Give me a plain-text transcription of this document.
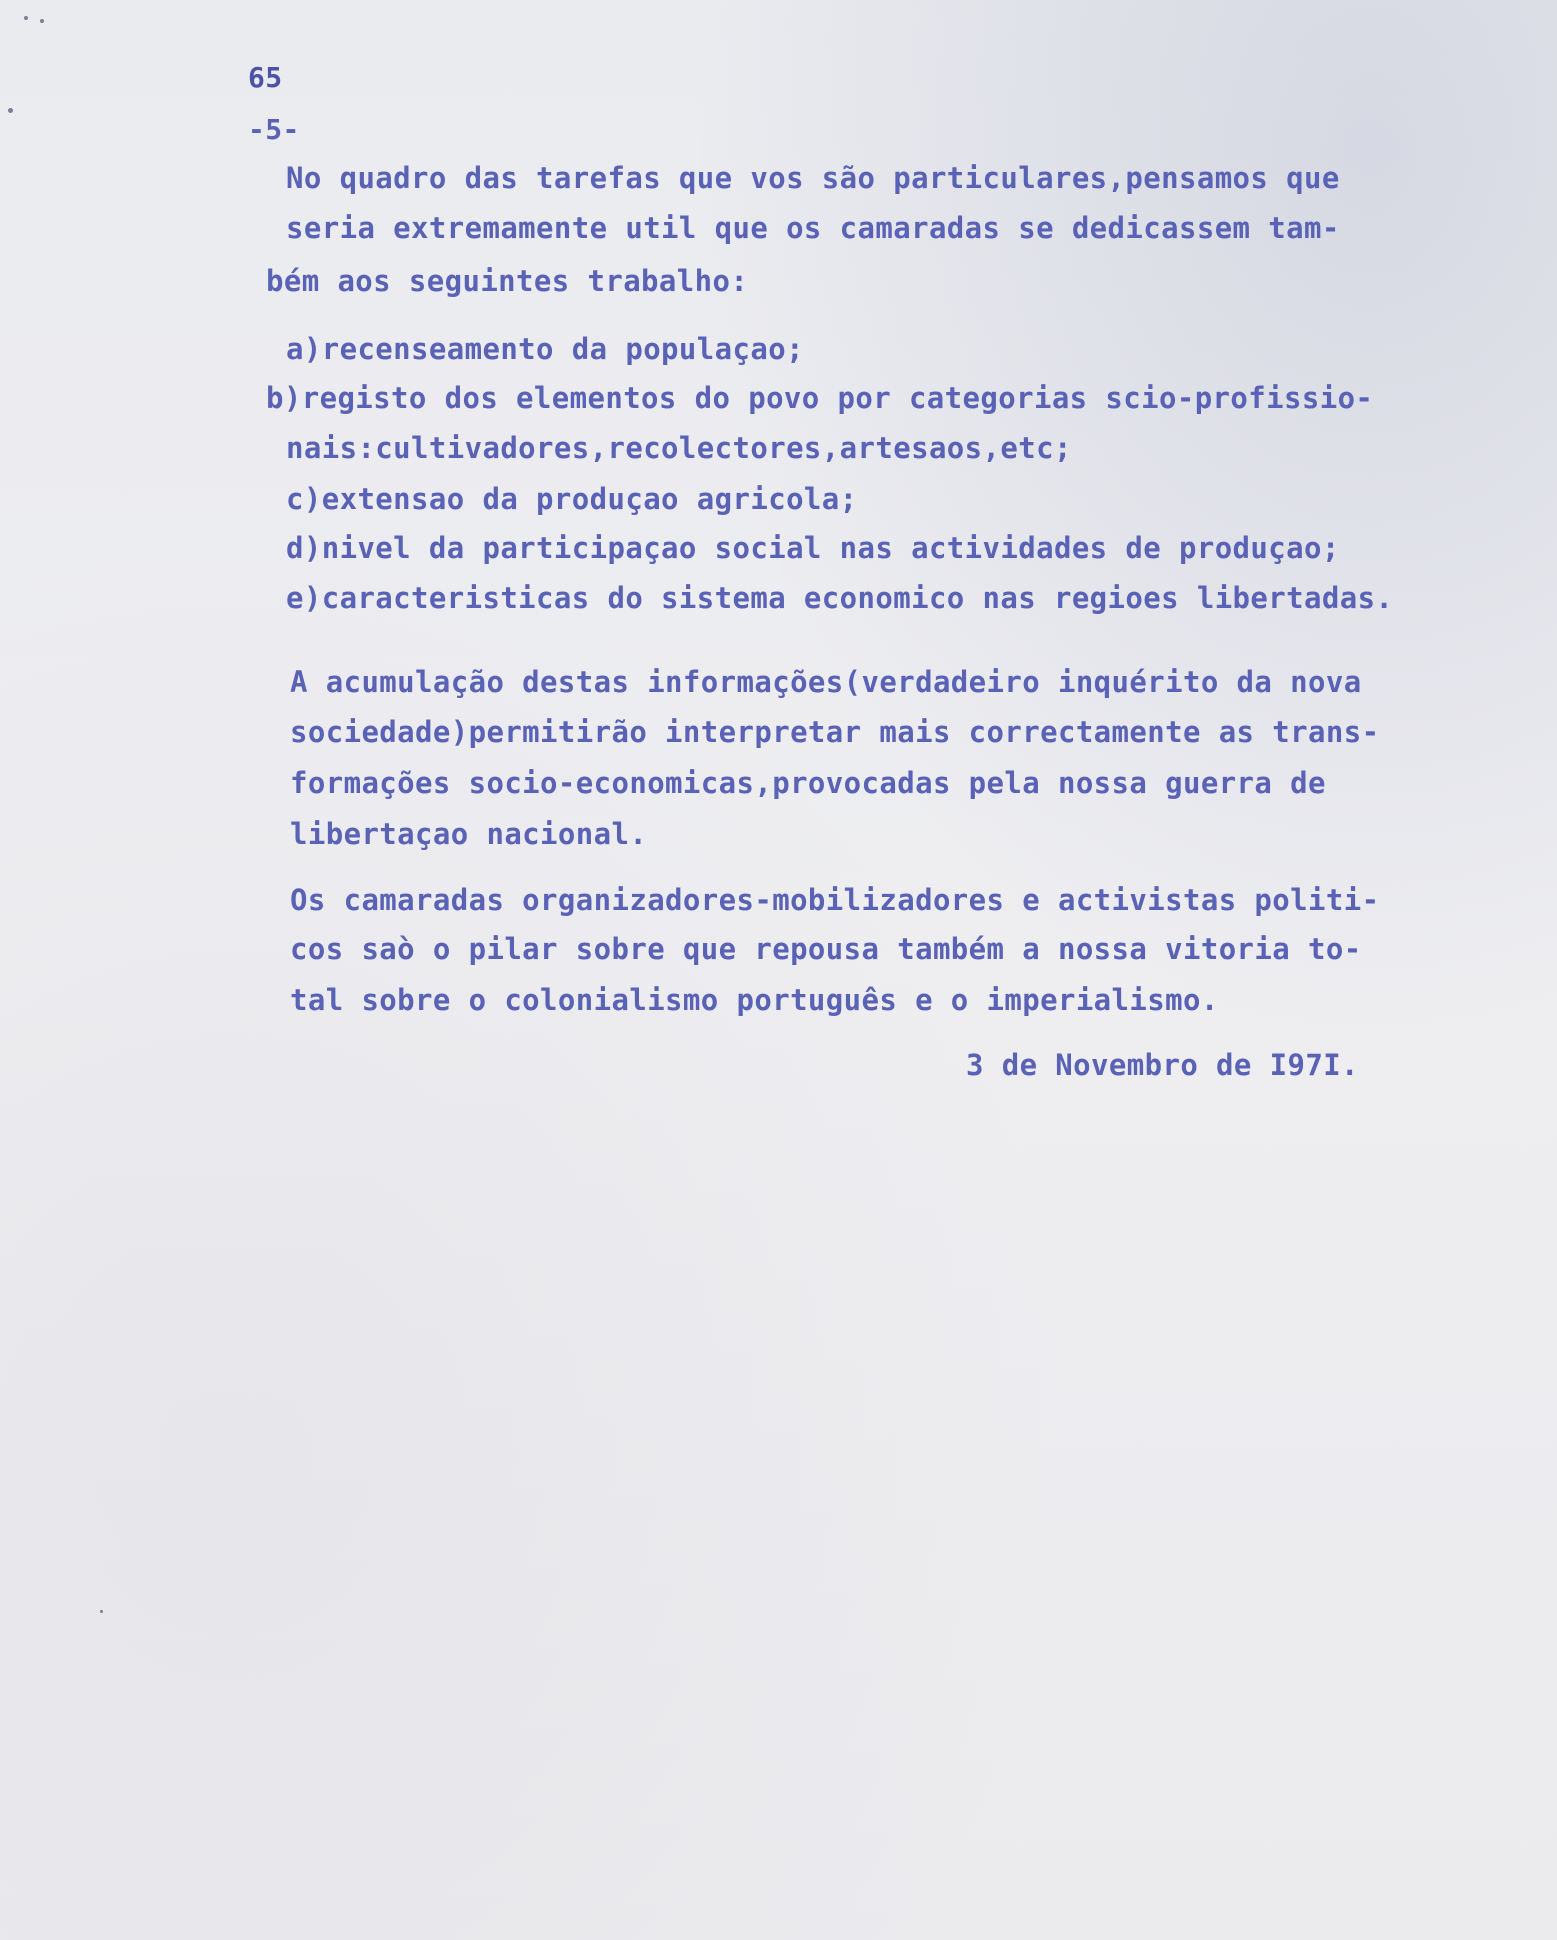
65
-5-
No quadro das tarefas que vos são particulares,pensamos que
seria extremamente util que os camaradas se dedicassem tam-
bém aos seguintes trabalho:
a)recenseamento da populaçao;
b)registo dos elementos do povo por categorias scio-profissio-
nais:cultivadores,recolectores,artesaos,etc;
c)extensao da produçao agricola;
d)nivel da participaçao social nas actividades de produçao;
e)caracteristicas do sistema economico nas regioes libertadas.
A acumulação destas informações(verdadeiro inquérito da nova
sociedade)permitirão interpretar mais correctamente as trans-
formações socio-economicas,provocadas pela nossa guerra de
libertaçao nacional.
Os camaradas organizadores-mobilizadores e activistas politi-
cos saò o pilar sobre que repousa também a nossa vitoria to-
tal sobre o colonialismo português e o imperialismo.
3 de Novembro de I97I.
